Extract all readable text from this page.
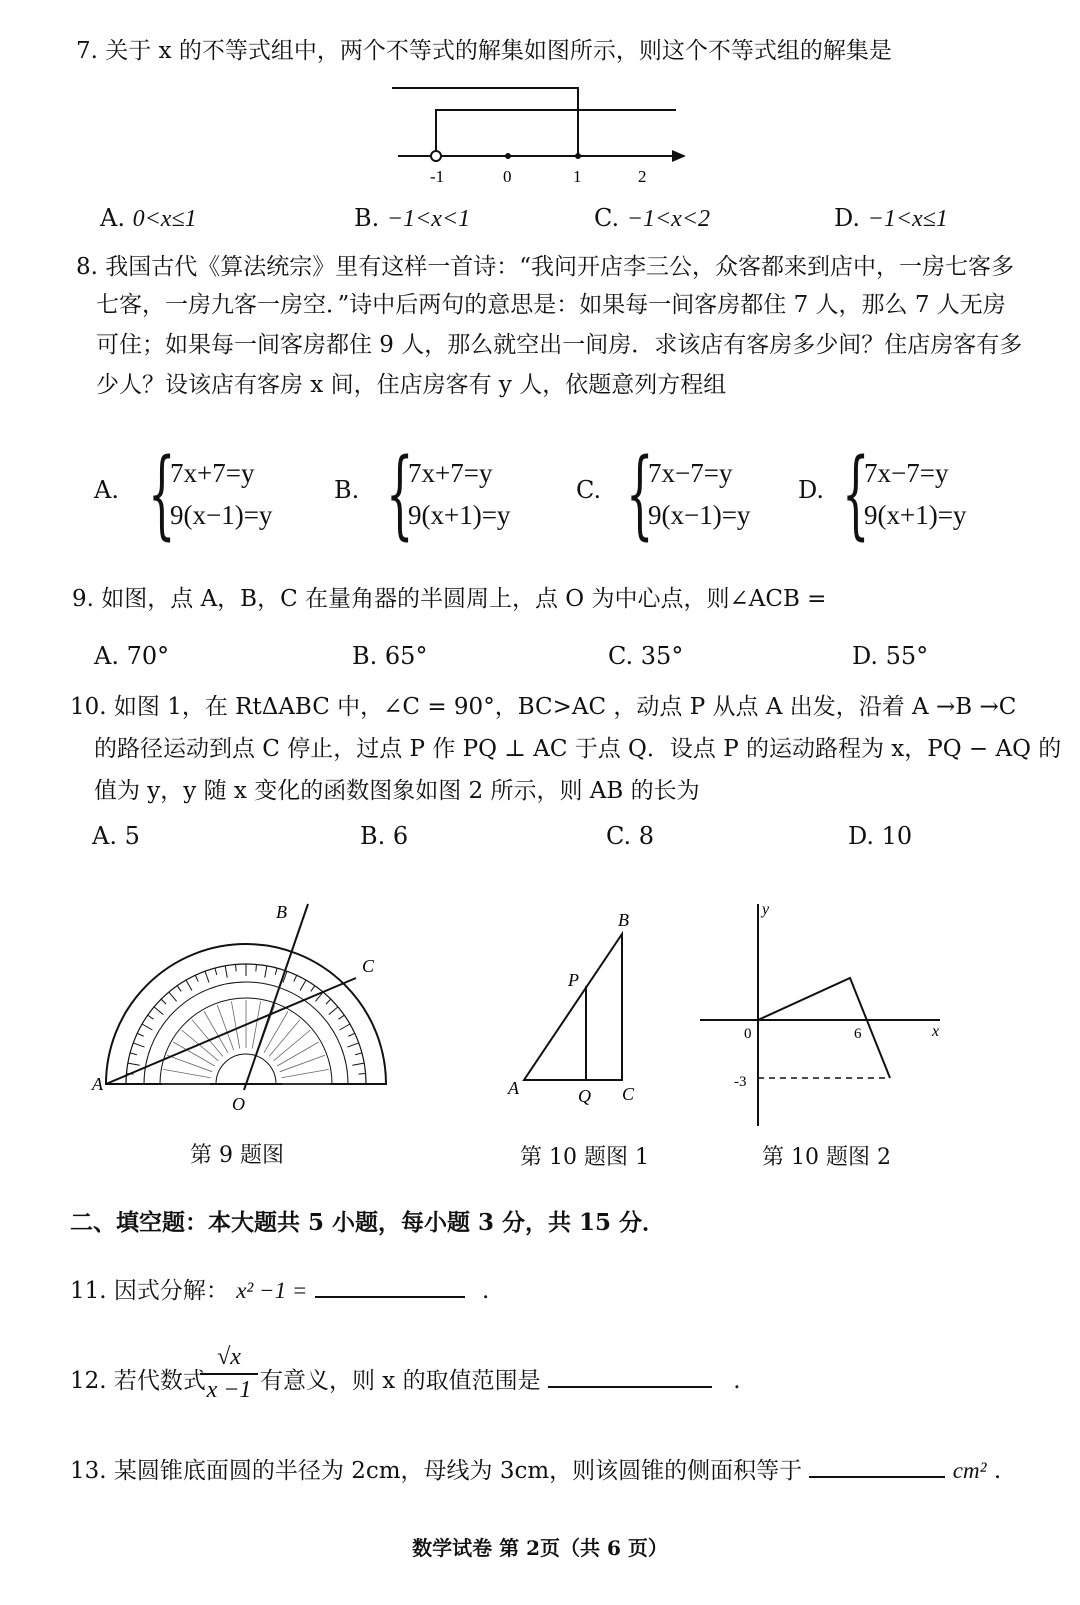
7. 关于 x 的不等式组中，两个不等式的解集如图所示，则这个不等式组的解集是
-1	0	1	2
A. 0<x≤1	B. −1<x<1	C. −1<x<2	D. −1<x≤1
8. 我国古代《算法统宗》里有这样一首诗：“我问开店李三公，众客都来到店中，一房七客多
七客，一房九客一房空．”诗中后两句的意思是：如果每一间客房都住 7 人，那么 7 人无房
可住；如果每一间客房都住 9 人，那么就空出一间房．求该店有客房多少间？住店房客有多
少人？设该店有客房 x 间，住店房客有 y 人，依题意列方程组
A. {
7x+7=y
9(x−1)=y
B. {
7x+7=y
9(x+1)=y
C. {
7x−7=y
9(x−1)=y
D. {
7x−7=y
9(x+1)=y
9. 如图，点 A，B，C 在量角器的半圆周上，点 O 为中心点，则∠ACB =
A. 70°	B. 65°	C. 35°	D. 55°
10. 如图 1，在 RtΔABC 中，∠C = 90°，BC>AC ，动点 P 从点 A 出发，沿着 A →B →C
的路径运动到点 C 停止，过点 P 作 PQ ⊥ AC 于点 Q．设点 P 的运动路程为 x，PQ − AQ 的
值为 y，y 随 x 变化的函数图象如图 2 所示，则 AB 的长为
A. 5	B. 6	C. 8	D. 10
A
B
C
O
第 9 题图
A
B
C
P
Q
第 10 题图 1
y
x
0	6
-3
第 10 题图 2
二、填空题：本大题共 5 小题，每小题 3 分，共 15 分．
11. 因式分解： x² −1 =	.
12. 若代数式
√x
x −1 有意义，则 x 的取值范围是	.
13. 某圆锥底面圆的半径为 2cm，母线为 3cm，则该圆锥的侧面积等于	cm² .
数学试卷 第 2页（共 6 页）
